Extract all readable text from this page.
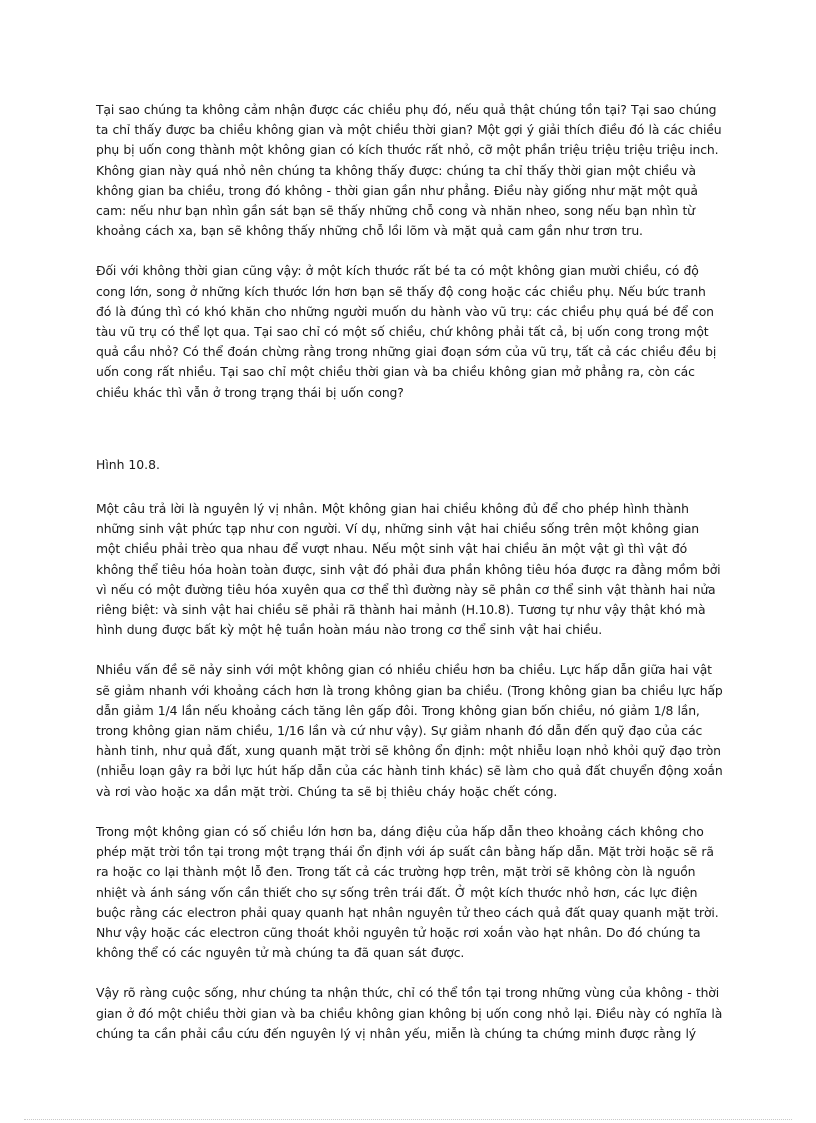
Tại sao chúng ta không cảm nhận được các chiều phụ đó, nếu quả thật chúng tồn tại? Tại sao chúng ta chỉ thấy được ba chiều không gian và một chiều thời gian? Một gợi ý giải thích điều đó là các chiều phụ bị uốn cong thành một không gian có kích thước rất nhỏ, cỡ một phần triệu triệu triệu triệu inch. Không gian này quá nhỏ nên chúng ta không thấy được: chúng ta chỉ thấy thời gian một chiều và không gian ba chiều, trong đó không - thời gian gần như phẳng. Điều này giống như mặt một quả cam: nếu như bạn nhìn gần sát bạn sẽ thấy những chỗ cong và nhăn nheo, song nếu bạn nhìn từ khoảng cách xa, bạn sẽ không thấy những chỗ lồi lõm và mặt quả cam gần như trơn tru.

Đối với không thời gian cũng vậy: ở một kích thước rất bé ta có một không gian mười chiều, có độ cong lớn, song ở những kích thước lớn hơn bạn sẽ thấy độ cong hoặc các chiều phụ. Nếu bức tranh đó là đúng thì có khó khăn cho những người muốn du hành vào vũ trụ: các chiều phụ quá bé để con tàu vũ trụ có thể lọt qua. Tại sao chỉ có một số chiều, chứ không phải tất cả, bị uốn cong trong một quả cầu nhỏ? Có thể đoán chừng rằng trong những giai đoạn sớm của vũ trụ, tất cả các chiều đều bị uốn cong rất nhiều. Tại sao chỉ một chiều thời gian và ba chiều không gian mở phẳng ra, còn các chiều khác thì vẫn ở trong trạng thái bị uốn cong?

Hình 10.8.

Một câu trả lời là nguyên lý vị nhân. Một không gian hai chiều không đủ để cho phép hình thành những sinh vật phức tạp như con người. Ví dụ, những sinh vật hai chiều sống trên một không gian một chiều phải trèo qua nhau để vượt nhau. Nếu một sinh vật hai chiều ăn một vật gì thì vật đó không thể tiêu hóa hoàn toàn được, sinh vật đó phải đưa phần không tiêu hóa được ra đằng mồm bởi vì nếu có một đường tiêu hóa xuyên qua cơ thể thì đường này sẽ phân cơ thể sinh vật thành hai nửa riêng biệt: và sinh vật hai chiều sẽ phải rã thành hai mảnh (H.10.8). Tương tự như vậy thật khó mà hình dung được bất kỳ một hệ tuần hoàn máu nào trong cơ thể sinh vật hai chiều.

Nhiều vấn đề sẽ nảy sinh với một không gian có nhiều chiều hơn ba chiều. Lực hấp dẫn giữa hai vật sẽ giảm nhanh với khoảng cách hơn là trong không gian ba chiều. (Trong không gian ba chiều lực hấp dẫn giảm 1/4 lần nếu khoảng cách tăng lên gấp đôi. Trong không gian bốn chiều, nó giảm 1/8 lần, trong không gian năm chiều, 1/16 lần và cứ như vậy). Sự giảm nhanh đó dẫn đến quỹ đạo của các hành tinh, như quả đất, xung quanh mặt trời sẽ không ổn định: một nhiễu loạn nhỏ khỏi quỹ đạo tròn (nhiễu loạn gây ra bởi lực hút hấp dẫn của các hành tinh khác) sẽ làm cho quả đất chuyển động xoắn và rơi vào hoặc xa dần mặt trời. Chúng ta sẽ bị thiêu cháy hoặc chết cóng.

Trong một không gian có số chiều lớn hơn ba, dáng điệu của hấp dẫn theo khoảng cách không cho phép mặt trời tồn tại trong một trạng thái ổn định với áp suất cân bằng hấp dẫn. Mặt trời hoặc sẽ rã ra hoặc co lại thành một lỗ đen. Trong tất cả các trường hợp trên, mặt trời sẽ không còn là nguồn nhiệt và ánh sáng vốn cần thiết cho sự sống trên trái đất. Ở một kích thước nhỏ hơn, các lực điện buộc rằng các electron phải quay quanh hạt nhân nguyên tử theo cách quả đất quay quanh mặt trời. Như vậy hoặc các electron cũng thoát khỏi nguyên tử hoặc rơi xoắn vào hạt nhân. Do đó chúng ta không thể có các nguyên tử mà chúng ta đã quan sát được.

Vậy rõ ràng cuộc sống, như chúng ta nhận thức, chỉ có thể tồn tại trong những vùng của không - thời gian ở đó một chiều thời gian và ba chiều không gian không bị uốn cong nhỏ lại. Điều này có nghĩa là chúng ta cần phải cầu cứu đến nguyên lý vị nhân yếu, miễn là chúng ta chứng minh được rằng lý
